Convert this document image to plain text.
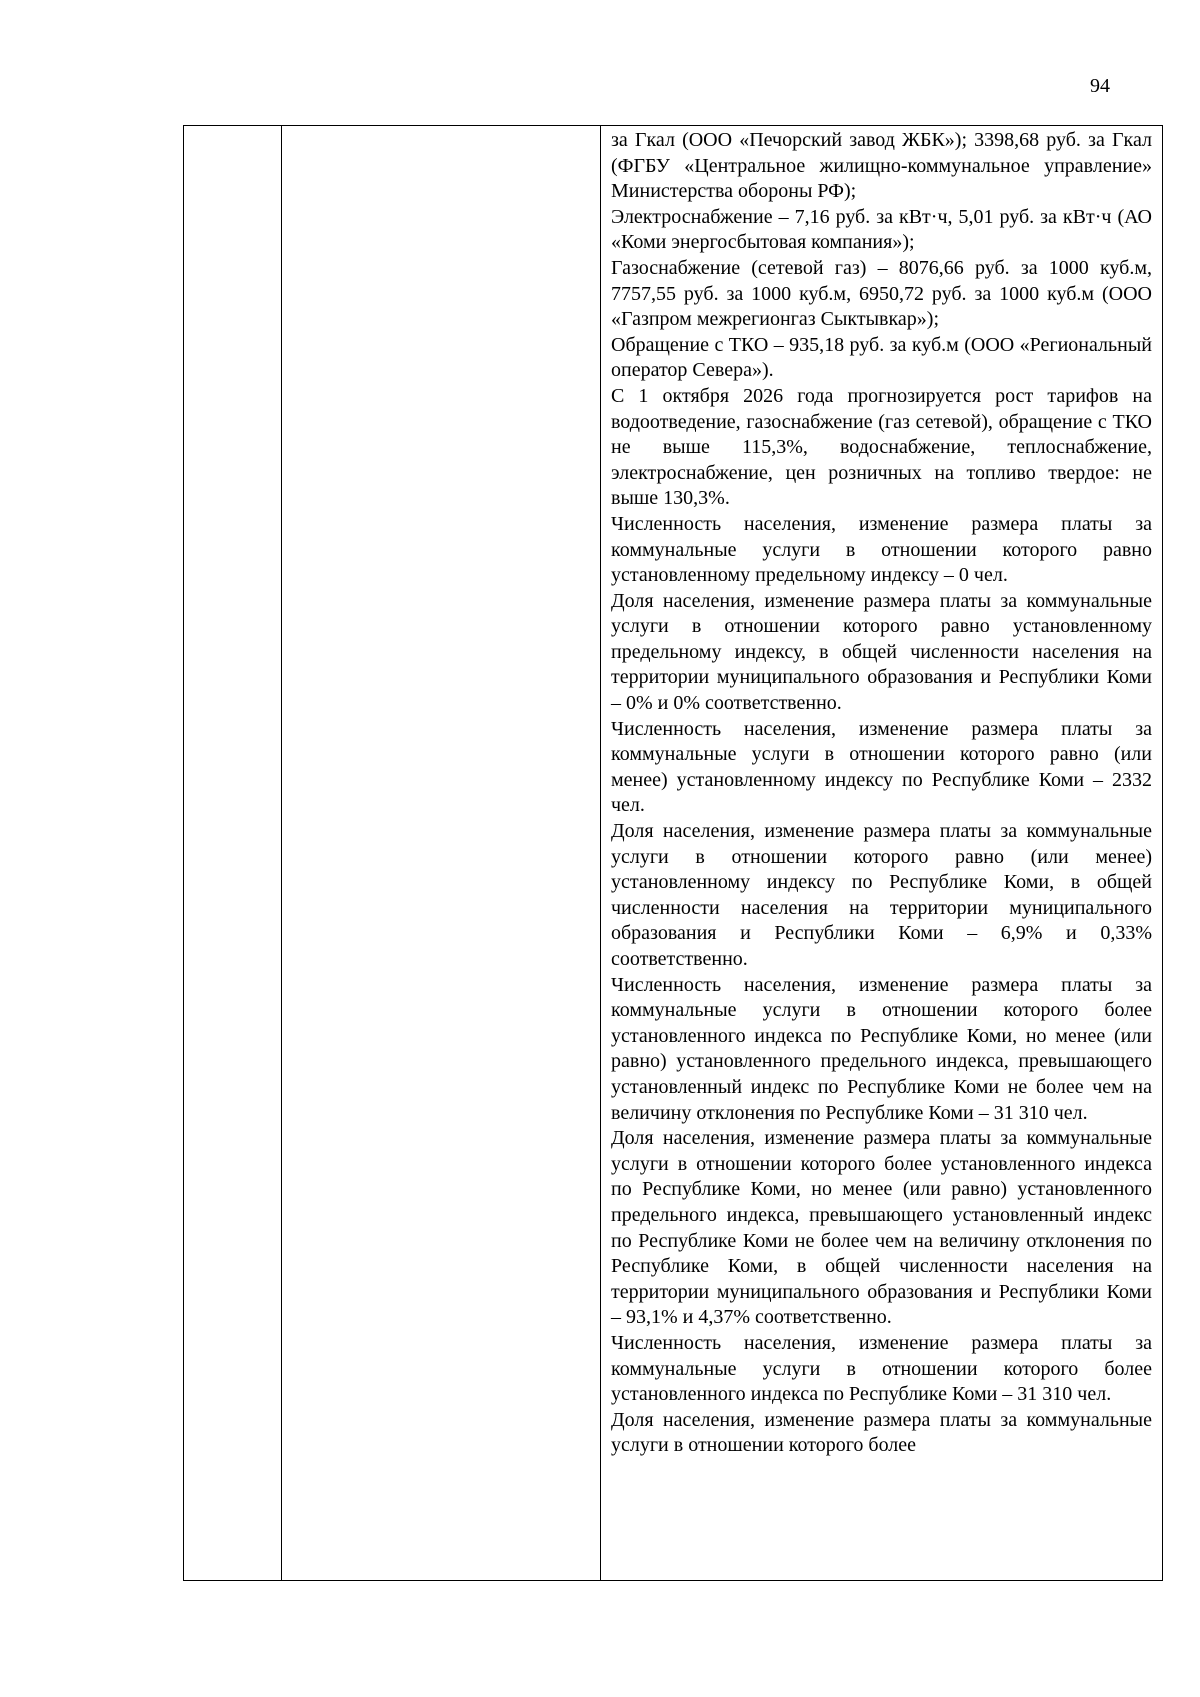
94

за Гкал (ООО «Печорский завод ЖБК»); 3398,68 руб. за Гкал (ФГБУ «Центральное жилищно-коммунальное управление» Министерства обороны РФ);

Электроснабжение – 7,16 руб. за кВт·ч, 5,01 руб. за кВт·ч (АО «Коми энергосбытовая компания»);

Газоснабжение (сетевой газ) – 8076,66 руб. за 1000 куб.м, 7757,55 руб. за 1000 куб.м, 6950,72 руб. за 1000 куб.м (ООО «Газпром межрегионгаз Сыктывкар»);

Обращение с ТКО – 935,18 руб. за куб.м (ООО «Региональный оператор Севера»).

С 1 октября 2026 года прогнозируется рост тарифов на водоотведение, газоснабжение (газ сетевой), обращение с ТКО не выше 115,3%, водоснабжение, теплоснабжение, электроснабжение, цен розничных на топливо твердое: не выше 130,3%.

Численность населения, изменение размера платы за коммунальные услуги в отношении которого равно установленному предельному индексу – 0 чел.

Доля населения, изменение размера платы за коммунальные услуги в отношении которого равно установленному предельному индексу, в общей численности населения на территории муниципального образования и Республики Коми – 0% и 0% соответственно.

Численность населения, изменение размера платы за коммунальные услуги в отношении которого равно (или менее) установленному индексу по Республике Коми – 2332 чел.

Доля населения, изменение размера платы за коммунальные услуги в отношении которого равно (или менее) установленному индексу по Республике Коми, в общей численности населения на территории муниципального образования и Республики Коми – 6,9% и 0,33% соответственно.

Численность населения, изменение размера платы за коммунальные услуги в отношении которого более установленного индекса по Республике Коми, но менее (или равно) установленного предельного индекса, превышающего установленный индекс по Республике Коми не более чем на величину отклонения по Республике Коми – 31 310 чел.

Доля населения, изменение размера платы за коммунальные услуги в отношении которого более установленного индекса по Республике Коми, но менее (или равно) установленного предельного индекса, превышающего установленный индекс по Республике Коми не более чем на величину отклонения по Республике Коми, в общей численности населения на территории муниципального образования и Республики Коми – 93,1% и 4,37% соответственно.

Численность населения, изменение размера платы за коммунальные услуги в отношении которого более установленного индекса по Республике Коми – 31 310 чел.

Доля населения, изменение размера платы за коммунальные услуги в отношении которого более
